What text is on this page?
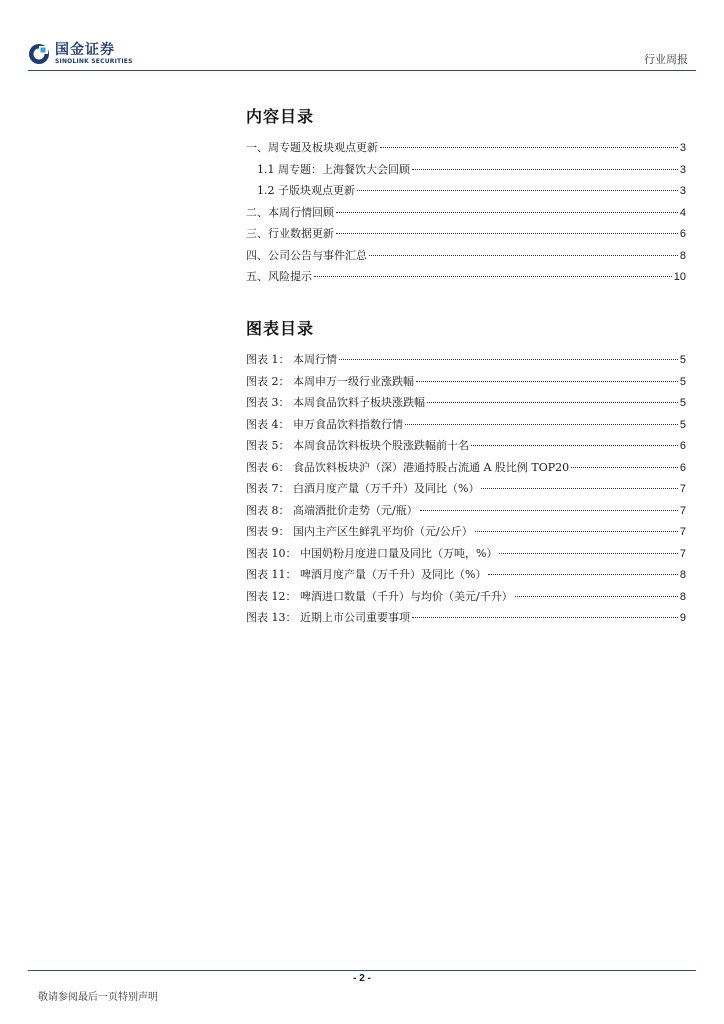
国金证券
SINOLINK SECURITIES	行业周报
内容目录
一、周专题及板块观点更新	3
1.1 周专题：上海餐饮大会回顾	3
1.2 子版块观点更新	3
二、本周行情回顾	4
三、行业数据更新	6
四、公司公告与事件汇总	8
五、风险提示	10
图表目录
图表 1： 本周行情	5
图表 2： 本周申万一级行业涨跌幅	5
图表 3： 本周食品饮料子板块涨跌幅	5
图表 4： 申万食品饮料指数行情	5
图表 5： 本周食品饮料板块个股涨跌幅前十名	6
图表 6： 食品饮料板块沪（深）港通持股占流通 A 股比例 TOP20	6
图表 7： 白酒月度产量（万千升）及同比（%）	7
图表 8： 高端酒批价走势（元/瓶）	7
图表 9： 国内主产区生鲜乳平均价（元/公斤）	7
图表 10： 中国奶粉月度进口量及同比（万吨，%）	7
图表 11： 啤酒月度产量（万千升）及同比（%）	8
图表 12： 啤酒进口数量（千升）与均价（美元/千升）	8
图表 13： 近期上市公司重要事项	9
- 2 -
敬请参阅最后一页特别声明
